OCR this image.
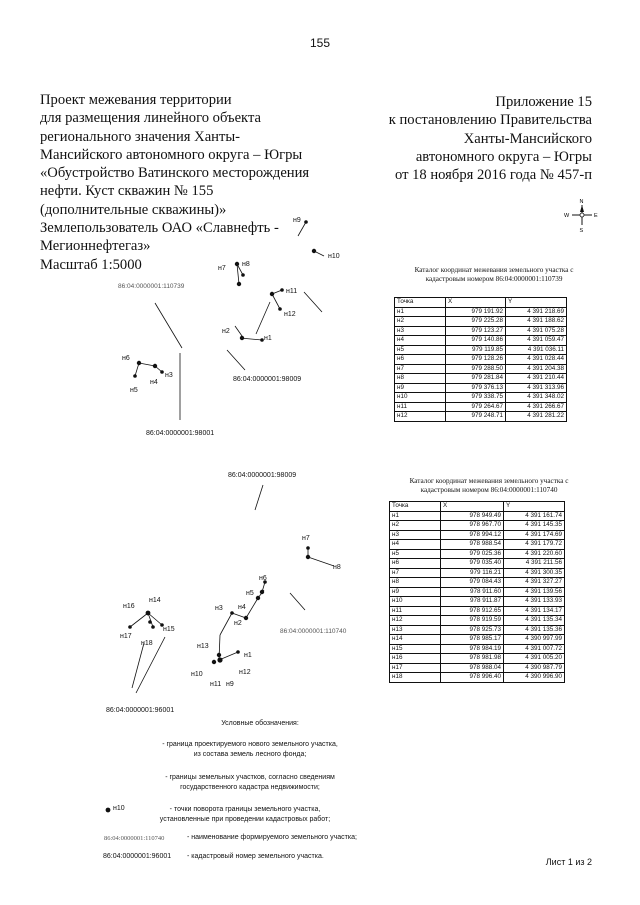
155
Проект межевания территории
для размещения линейного объекта
регионального значения Ханты-
Мансийского автономного округа – Югры
«Обустройство Ватинского месторождения
нефти. Куст скважин № 155
(дополнительные скважины)»
Землепользователь ОАО «Славнефть -
Мегионнефтегаз»
Масштаб 1:5000
Приложение 15
к постановлению Правительства
Ханты-Мансийского
автономного округа – Югры
от 18 ноября 2016 года № 457-п
N
S
W	E
н7
н8
н9
н10
н11
н12
н2
н1
н6
н3
н4
н5
86:04:0000001:110739
86:04:0000001:98009
86:04:0000001:98001
н7
н8
н6
н5
н4
н3
н2
н1
н12
н13
н10
н11 н9
н14
н16
н15
н17
н18
86:04:0000001:110740
86:04:0000001:98009
86:04:0000001:96001
Каталог координат межевания земельного участка с
кадастровым номером 86:04:0000001:110739
Точка	X	Y
н1	979 191.92	4 391 218.69
н2	979 225.28	4 391 188.62
н3	979 123.27	4 391 075.28
н4	979 140.86	4 391 059.47
н5	979 119.85	4 391 036.11
н6	979 128.26	4 391 028.44
н7	979 288.50	4 391 204.38
н8	979 281.84	4 391 210.44
н9	979 376.13	4 391 313.96
н10	979 338.75	4 391 348.02
н11	979 264.67	4 391 266.67
н12	979 248.71	4 391 281.22
Каталог координат межевания земельного участка с
кадастровым номером 86:04:0000001:110740
Точка	X	Y
н1	978 949.49	4 391 161.74
н2	978 967.70	4 391 145.35
н3	978 994.12	4 391 174.69
н4	978 988.54	4 391 179.72
н5	979 025.36	4 391 220.60
н6	979 035.40	4 391 211.56
н7	979 116.21	4 391 300.35
н8	979 084.43	4 391 327.27
н9	978 911.60	4 391 139.56
н10	978 911.87	4 391 133.93
н11	978 912.65	4 391 134.17
н12	978 919.59	4 391 135.34
н13	978 925.73	4 391 135.36
н14	978 985.17	4 390 997.99
н15	978 984.19	4 391 007.72
н16	978 981.98	4 391 005.20
н17	978 988.04	4 390 987.79
н18	978 996.40	4 390 996.90
Условные обозначения:
- граница проектируемого нового земельного участка,
из состава земель лесного фонда;
- границы земельных участков, согласно сведениям
государственного кадастра недвижимости;
н10	- точки поворота границы земельного участка,
установленные при проведении кадастровых работ;
86:04:0000001:110740	- наименование формируемого земельного участка;
86:04:0000001:96001 - кадастровый номер земельного участка.
Лист 1 из 2
